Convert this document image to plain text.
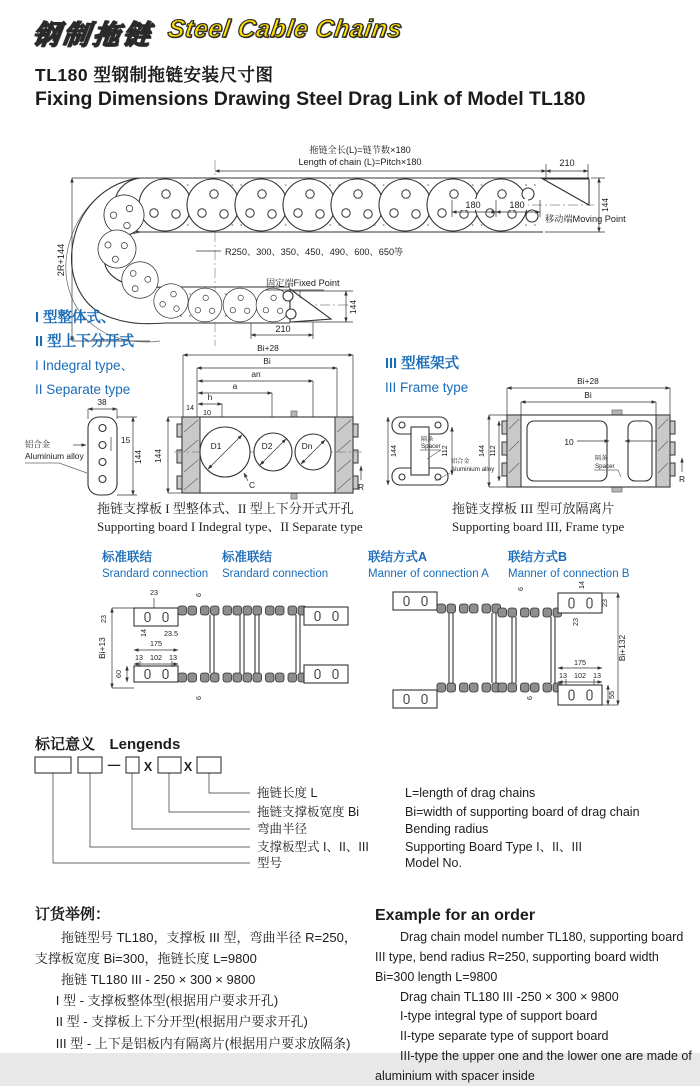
钢制拖链 Steel Cable Chains
TL180 型钢制拖链安装尺寸图
Fixing Dimensions Drawing Steel Drag Link of Model TL180
拖链全长(L)=链节数×180
Length of chain (L)=Pitch×180	210
180	180
移动端Moving Point
144
2R+144	R250、300、350、450、490、600、650等
固定端Fixed Point
144
210
I 型整体式、
II 型上下分开式
I Indegral type、
II Separate type
38
15
144
铝合金
Aluminium alloy
Bi+28
Bi
an
a
h
14
10
D1	D2	Dn
C	R
144
III 型框架式
III Frame type
144	112
隔条
Spacer
铝合金
Aluminium alloy
Bi+28
Bi
144 112
10
隔条
Spacer
R
拖链支撑板 I 型整体式、II 型上下分开式开孔
Supporting board I Indegral type、II Separate type
拖链支撑板 III 型可放隔离片
Supporting board III, Frame type
标准联结
Srandard connection
标准联结
Srandard connection
联结方式A
Manner of connection A
联结方式B
Manner of connection B
23
Bi+13
60
23
14 23.5
175
13 102 13
6
6
14
23
23
Bi+132
175
13 102 13
55
6
6
标记意义 Lengends
— X	X
拖链长度 L
拖链支撑板宽度 Bi
弯曲半径
支撑板型式 I、II、III
型号
L=length of drag chains
Bi=width of supporting board of drag chain
Bending radius
Supporting Board Type I、II、III
Model No.
订货举例：

拖链型号 TL180，支撑板 III 型，弯曲半径 R=250，支撑板宽度 Bi=300，拖链长度 L=9800

拖链 TL180 III - 250 × 300 × 9800
I 型 - 支撑板整体型(根据用户要求开孔)
II 型 - 支撑板上下分开型(根据用户要求开孔)
III 型 - 上下是铝板内有隔离片(根据用户要求放隔条)
Example for an order

Drag chain model number TL180, supporting board III type, bend radius R=250, supporting board width Bi=300 length L=9800

Drag chain TL180 III -250 × 300 × 9800
I-type integral type of support board
II-type separate type of support board

III-type the upper one and the lower one are made of aluminium with spacer inside
